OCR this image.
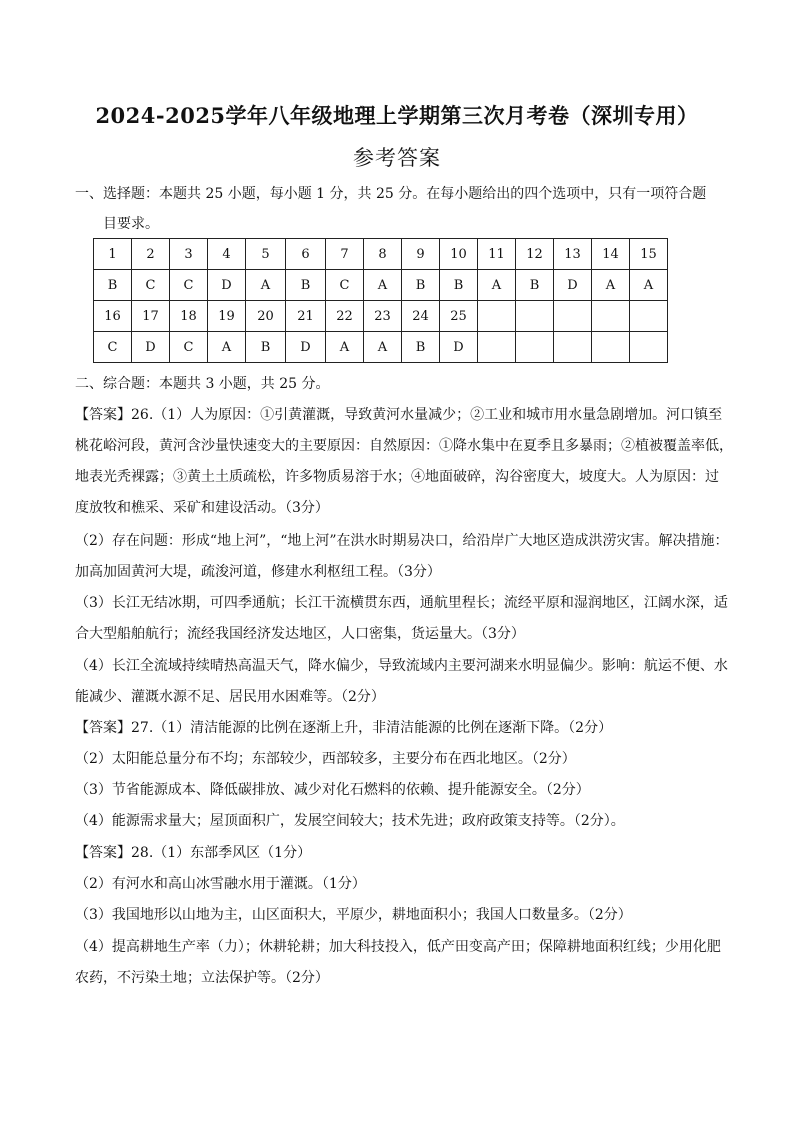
2024-2025学年八年级地理上学期第三次月考卷（深圳专用）
参考答案
一、选择题：本题共 25 小题，每小题 1 分，共 25 分。在每小题给出的四个选项中，只有一项符合题
目要求。
1	2	3	4	5	6	7	8	9	10	11	12	13	14	15
B	C	C	D	A	B	C	A	B	B	A	B	D	A	A
16	17	18	19	20	21	22	23	24	25					
C	D	C	A	B	D	A	A	B	D					
二、综合题：本题共 3 小题，共 25 分。
【答案】26.（1）人为原因：①引黄灌溉，导致黄河水量减少；②工业和城市用水量急剧增加。河口镇至
桃花峪河段，黄河含沙量快速变大的主要原因：自然原因：①降水集中在夏季且多暴雨；②植被覆盖率低，
地表光秃裸露；③黄土土质疏松，许多物质易溶于水；④地面破碎，沟谷密度大，坡度大。人为原因：过
度放牧和樵采、采矿和建设活动。（3分）
（2）存在问题：形成“地上河”，“地上河”在洪水时期易决口，给沿岸广大地区造成洪涝灾害。解决措施：
加高加固黄河大堤，疏浚河道，修建水利枢纽工程。（3分）
（3）长江无结冰期，可四季通航；长江干流横贯东西，通航里程长；流经平原和湿润地区，江阔水深，适
合大型船舶航行；流经我国经济发达地区，人口密集，货运量大。（3分）
（4）长江全流域持续晴热高温天气，降水偏少，导致流域内主要河湖来水明显偏少。影响：航运不便、水
能减少、灌溉水源不足、居民用水困难等。（2分）
【答案】27.（1）清洁能源的比例在逐渐上升，非清洁能源的比例在逐渐下降。（2分）
（2）太阳能总量分布不均；东部较少，西部较多，主要分布在西北地区。（2分）
（3）节省能源成本、降低碳排放、减少对化石燃料的依赖、提升能源安全。（2分）
（4）能源需求量大；屋顶面积广，发展空间较大；技术先进；政府政策支持等。（2分）。
【答案】28.（1）东部季风区（1分）
（2）有河水和高山冰雪融水用于灌溉。（1分）
（3）我国地形以山地为主，山区面积大，平原少，耕地面积小；我国人口数量多。（2分）
（4）提高耕地生产率（力）；休耕轮耕；加大科技投入，低产田变高产田；保障耕地面积红线；少用化肥
农药，不污染土地；立法保护等。（2分）
